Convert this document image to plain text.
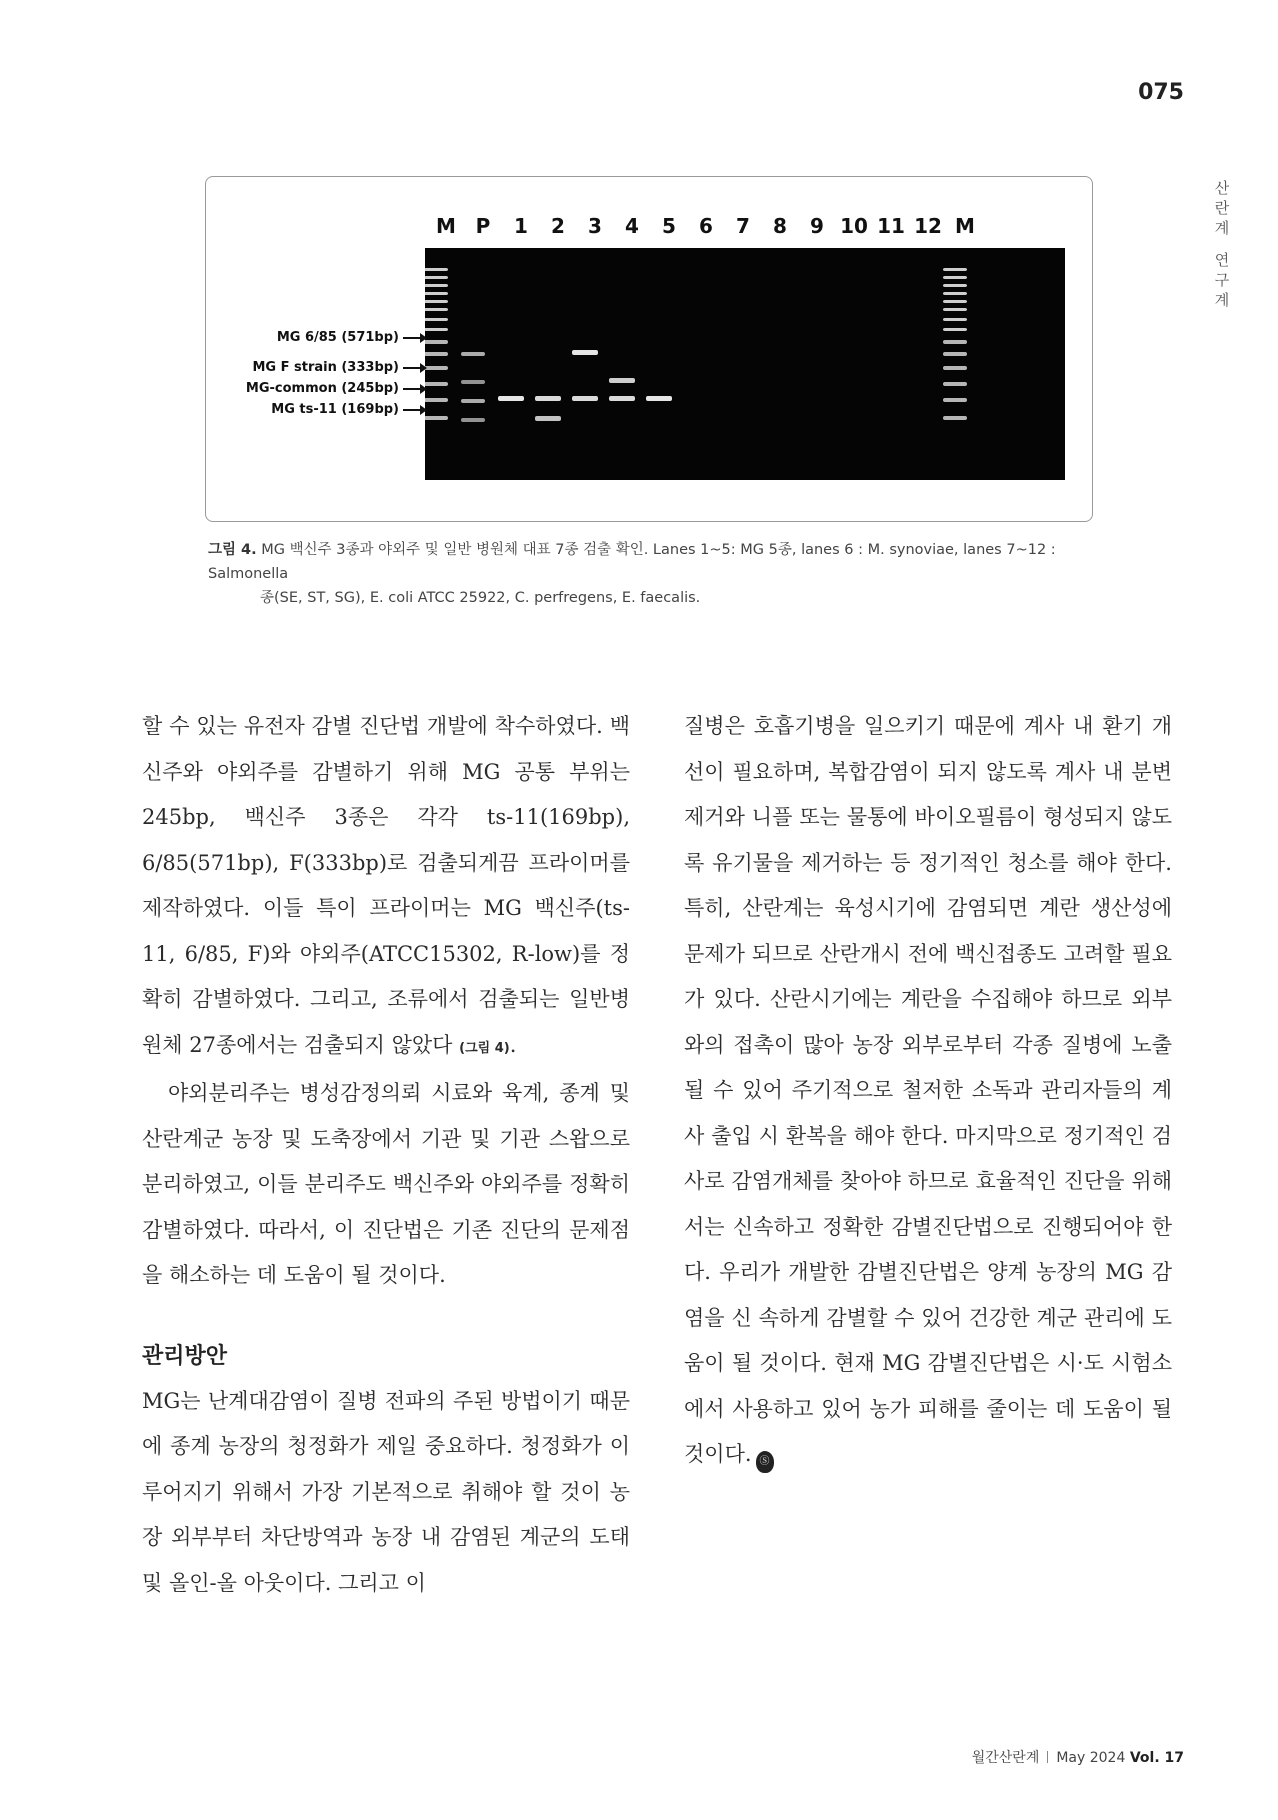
075
산
란
계
연
구
계
M P 1 2 3 4 5 6 7 8 9 10 11 12 M
MG 6/85 (571bp)
MG F strain (333bp)
MG-common (245bp)
MG ts-11 (169bp)
그림 4. MG 백신주 3종과 야외주 및 일반 병원체 대표 7종 검출 확인. Lanes 1~5: MG 5종, lanes 6 : M. synoviae, lanes 7~12 : Salmonella
종(SE, ST, SG), E. coli ATCC 25922, C. perfregens, E. faecalis.

할 수 있는 유전자 감별 진단법 개발에 착수하였다. 백신주와 야외주를 감별하기 위해 MG 공통 부위는 245bp, 백신주 3종은 각각 ts-11(169bp), 6/85(571bp), F(333bp)로 검출되게끔 프라이머를 제작하였다. 이들 특이 프라이머는 MG 백신주(ts-11, 6/85, F)와 야외주(ATCC15302, R-low)를 정확히 감별하였다. 그리고, 조류에서 검출되는 일반병원체 27종에서는 검출되지 않았다 (그림 4).

야외분리주는 병성감정의뢰 시료와 육계, 종계 및 산란계군 농장 및 도축장에서 기관 및 기관 스왑으로 분리하였고, 이들 분리주도 백신주와 야외주를 정확히 감별하였다. 따라서, 이 진단법은 기존 진단의 문제점을 해소하는 데 도움이 될 것이다.

관리방안

MG는 난계대감염이 질병 전파의 주된 방법이기 때문에 종계 농장의 청정화가 제일 중요하다. 청정화가 이루어지기 위해서 가장 기본적으로 취해야 할 것이 농장 외부부터 차단방역과 농장 내 감염된 계군의 도태 및 올인-올 아웃이다. 그리고 이

질병은 호흡기병을 일으키기 때문에 계사 내 환기 개선이 필요하며, 복합감염이 되지 않도록 계사 내 분변 제거와 니플 또는 물통에 바이오필름이 형성되지 않도록 유기물을 제거하는 등 정기적인 청소를 해야 한다. 특히, 산란계는 육성시기에 감염되면 계란 생산성에 문제가 되므로 산란개시 전에 백신접종도 고려할 필요가 있다. 산란시기에는 계란을 수집해야 하므로 외부와의 접촉이 많아 농장 외부로부터 각종 질병에 노출될 수 있어 주기적으로 철저한 소독과 관리자들의 계사 출입 시 환복을 해야 한다. 마지막으로 정기적인 검사로 감염개체를 찾아야 하므로 효율적인 진단을 위해서는 신속하고 정확한 감별진단법으로 진행되어야 한다. 우리가 개발한 감별진단법은 양계 농장의 MG 감염을 신 속하게 감별할 수 있어 건강한 계군 관리에 도움이 될 것이다. 현재 MG 감별진단법은 시·도 시험소에서 사용하고 있어 농가 피해를 줄이는 데 도움이 될 것이다. Ⓢ

월간산란계 May 2024 Vol. 17
